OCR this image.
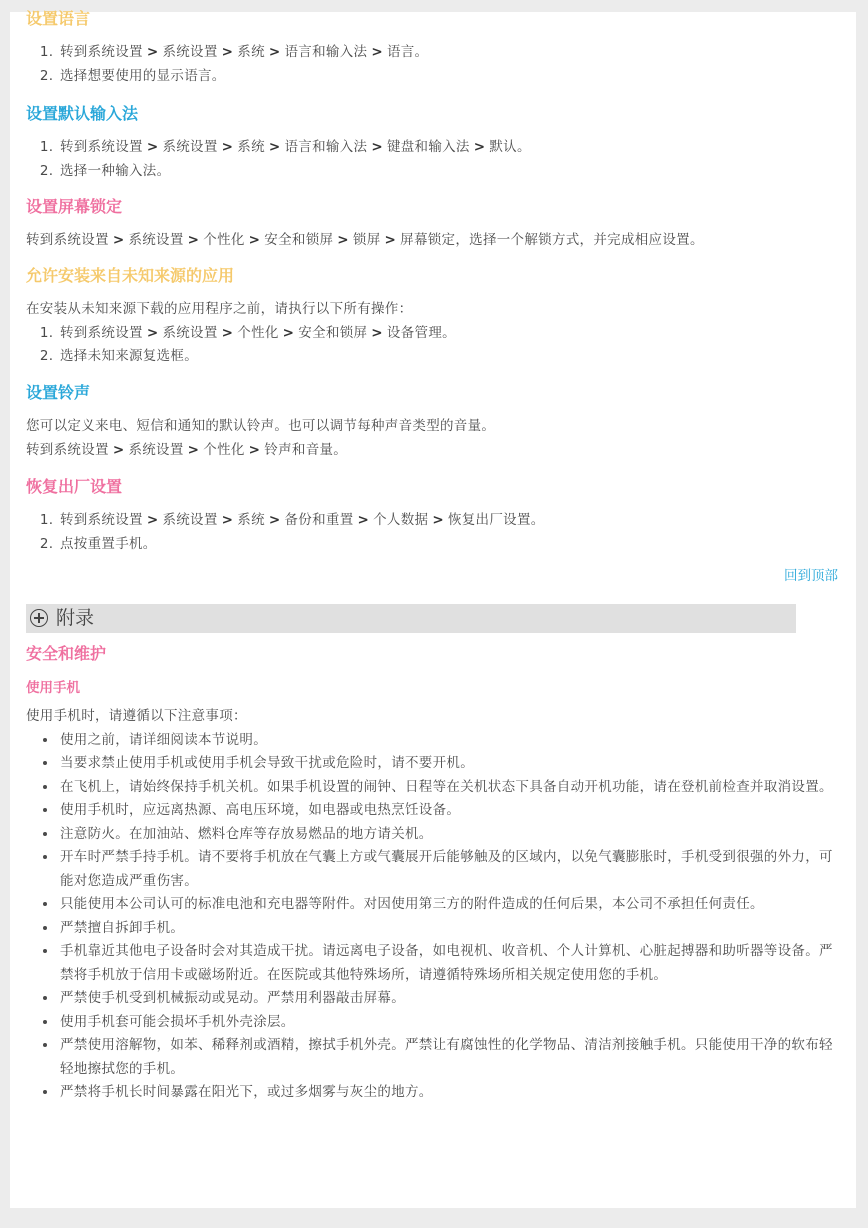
设置语言
1. 转到系统设置 > 系统设置 > 系统 > 语言和输入法 > 语言。
2. 选择想要使用的显示语言。
设置默认输入法
1. 转到系统设置 > 系统设置 > 系统 > 语言和输入法 > 键盘和输入法 > 默认。
2. 选择一种输入法。
设置屏幕锁定

转到系统设置 > 系统设置 > 个性化 > 安全和锁屏 > 锁屏 > 屏幕锁定，选择一个解锁方式，并完成相应设置。

允许安装来自未知来源的应用

在安装从未知来源下载的应用程序之前，请执行以下所有操作：

1. 转到系统设置 > 系统设置 > 个性化 > 安全和锁屏 > 设备管理。
2. 选择未知来源复选框。
设置铃声

您可以定义来电、短信和通知的默认铃声。也可以调节每种声音类型的音量。

转到系统设置 > 系统设置 > 个性化 > 铃声和音量。

恢复出厂设置
1. 转到系统设置 > 系统设置 > 系统 > 备份和重置 > 个人数据 > 恢复出厂设置。
2. 点按重置手机。
回到顶部
附录
安全和维护
使用手机

使用手机时，请遵循以下注意事项：

• 使用之前，请详细阅读本节说明。
• 当要求禁止使用手机或使用手机会导致干扰或危险时，请不要开机。
• 在飞机上，请始终保持手机关机。如果手机设置的闹钟、日程等在关机状态下具备自动开机功能，请在登机前检查并取消设置。
• 使用手机时，应远离热源、高电压环境，如电器或电热烹饪设备。
• 注意防火。在加油站、燃料仓库等存放易燃品的地方请关机。
• 开车时严禁手持手机。请不要将手机放在气囊上方或气囊展开后能够触及的区域内，以免气囊膨胀时，手机受到很强的外力，可能对您造成严重伤害。
• 只能使用本公司认可的标准电池和充电器等附件。对因使用第三方的附件造成的任何后果，本公司不承担任何责任。
• 严禁擅自拆卸手机。
• 手机靠近其他电子设备时会对其造成干扰。请远离电子设备，如电视机、收音机、个人计算机、心脏起搏器和助听器等设备。严禁将手机放于信用卡或磁场附近。在医院或其他特殊场所，请遵循特殊场所相关规定使用您的手机。
• 严禁使手机受到机械振动或晃动。严禁用利器敲击屏幕。
• 使用手机套可能会损坏手机外壳涂层。
• 严禁使用溶解物，如苯、稀释剂或酒精，擦拭手机外壳。严禁让有腐蚀性的化学物品、清洁剂接触手机。只能使用干净的软布轻轻地擦拭您的手机。
• 严禁将手机长时间暴露在阳光下，或过多烟雾与灰尘的地方。
